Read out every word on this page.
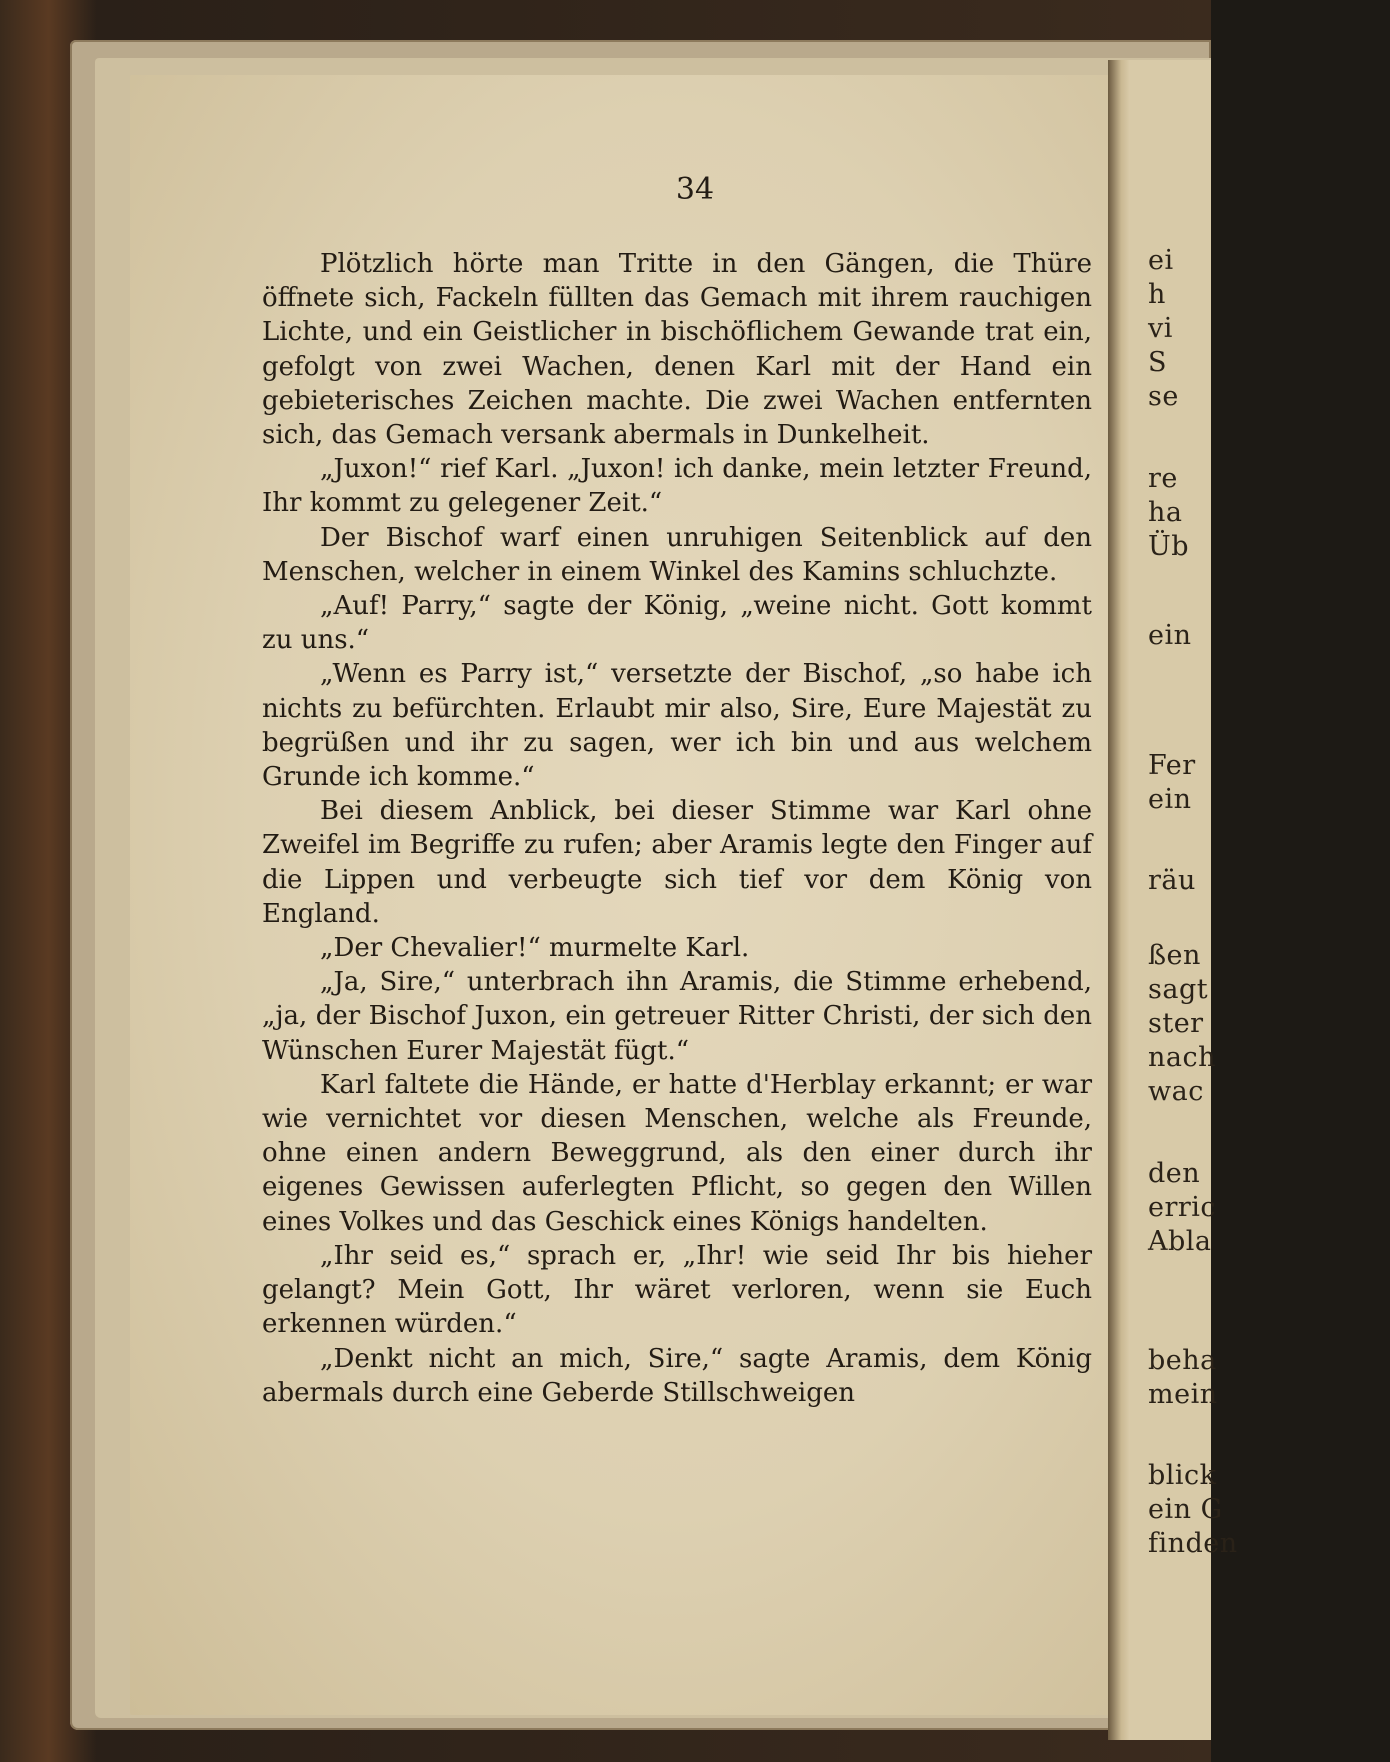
34

Plötzlich hörte man Tritte in den Gängen, die Thüre öffnete sich, Fackeln füllten das Gemach mit ihrem rauchigen Lichte, und ein Geistlicher in bischöflichem Gewande trat ein, gefolgt von zwei Wachen, denen Karl mit der Hand ein gebieterisches Zeichen machte. Die zwei Wachen entfernten sich, das Gemach versank abermals in Dunkelheit.

„Juxon!“ rief Karl. „Juxon! ich danke, mein letzter Freund, Ihr kommt zu gelegener Zeit.“

Der Bischof warf einen unruhigen Seitenblick auf den Menschen, welcher in einem Winkel des Kamins schluchzte.

„Auf! Parry,“ sagte der König, „weine nicht. Gott kommt zu uns.“

„Wenn es Parry ist,“ versetzte der Bischof, „so habe ich nichts zu befürchten. Erlaubt mir also, Sire, Eure Majestät zu begrüßen und ihr zu sagen, wer ich bin und aus welchem Grunde ich komme.“

Bei diesem Anblick, bei dieser Stimme war Karl ohne Zweifel im Begriffe zu rufen; aber Aramis legte den Finger auf die Lippen und verbeugte sich tief vor dem König von England.

„Der Chevalier!“ murmelte Karl.

„Ja, Sire,“ unterbrach ihn Aramis, die Stimme erhebend, „ja, der Bischof Juxon, ein getreuer Ritter Christi, der sich den Wünschen Eurer Majestät fügt.“

Karl faltete die Hände, er hatte d'Herblay erkannt; er war wie vernichtet vor diesen Menschen, welche als Freunde, ohne einen andern Beweggrund, als den einer durch ihr eigenes Gewissen auferlegten Pflicht, so gegen den Willen eines Volkes und das Geschick eines Königs handelten.

„Ihr seid es,“ sprach er, „Ihr! wie seid Ihr bis hieher gelangt? Mein Gott, Ihr wäret verloren, wenn sie Euch erkennen würden.“

„Denkt nicht an mich, Sire,“ sagte Aramis, dem König abermals durch eine Geberde Stillschweigen

ei
h
vi
S
se
re
ha
Üb
ein
Fer
ein
räu
ßen
sagt
ster
nach
wac
den
erric
Abla
beha
mein
blick
ein G
finden
